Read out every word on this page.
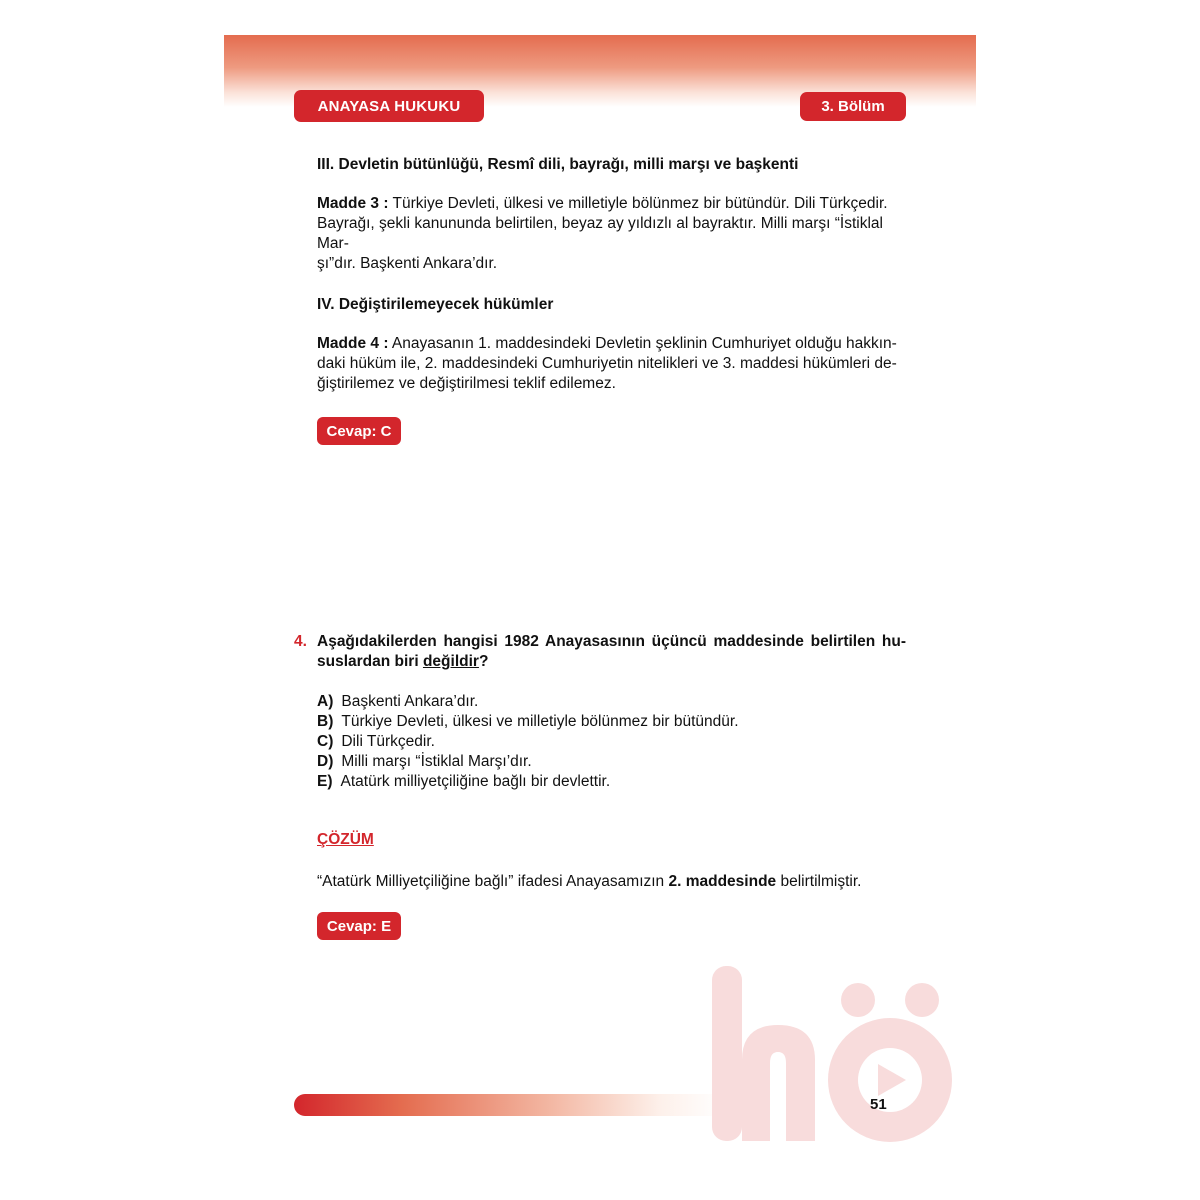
ANAYASA HUKUKU	3. Bölüm
III. Devletin bütünlüğü, Resmî dili, bayrağı, milli marşı ve başkenti
Madde 3 : Türkiye Devleti, ülkesi ve milletiyle bölünmez bir bütündür. Dili Türkçedir.
Bayrağı, şekli kanununda belirtilen, beyaz ay yıldızlı al bayraktır. Milli marşı “İstiklal Mar-
şı”dır. Başkenti Ankara’dır.
IV. Değiştirilemeyecek hükümler
Madde 4 : Anayasanın 1. maddesindeki Devletin şeklinin Cumhuriyet olduğu hakkın-
daki hüküm ile, 2. maddesindeki Cumhuriyetin nitelikleri ve 3. maddesi hükümleri de-
ğiştirilemez ve değiştirilmesi teklif edilemez.
Cevap: C
4. Aşağıdakilerden hangisi 1982 Anayasasının üçüncü maddesinde belirtilen hu-suslardan biri değildir?
A) Başkenti Ankara’dır.
B) Türkiye Devleti, ülkesi ve milletiyle bölünmez bir bütündür.
C) Dili Türkçedir.
D) Milli marşı “İstiklal Marşı’dır.
E) Atatürk milliyetçiliğine bağlı bir devlettir.
ÇÖZÜM
“Atatürk Milliyetçiliğine bağlı” ifadesi Anayasamızın 2. maddesinde belirtilmiştir.
Cevap: E
51
